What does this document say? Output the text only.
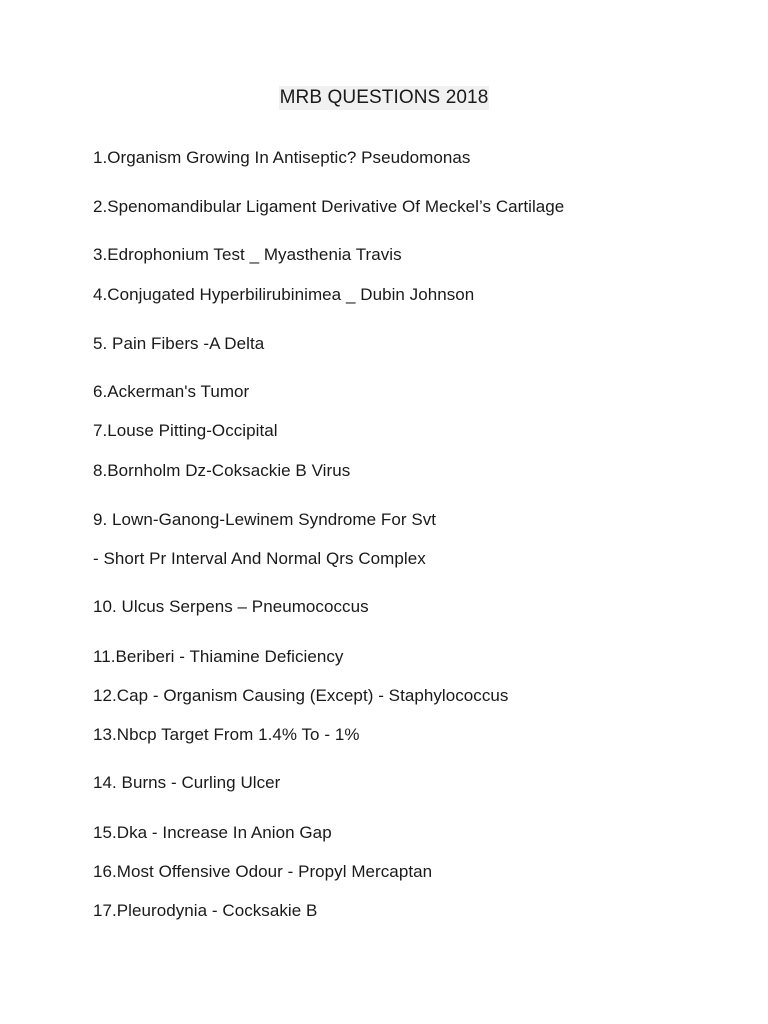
MRB QUESTIONS 2018
1.Organism Growing In Antiseptic? Pseudomonas
2.Spenomandibular Ligament Derivative Of Meckel’s Cartilage
3.Edrophonium Test _ Myasthenia Travis
4.Conjugated Hyperbilirubinimea _ Dubin Johnson
5. Pain Fibers -A Delta
6.Ackerman's Tumor
7.Louse Pitting-Occipital
8.Bornholm Dz-Coksackie B Virus
9. Lown-Ganong-Lewinem Syndrome For Svt
- Short Pr Interval And Normal Qrs Complex
10. Ulcus Serpens – Pneumococcus
11.Beriberi - Thiamine Deficiency
12.Cap - Organism Causing (Except) - Staphylococcus
13.Nbcp Target From 1.4% To - 1%
14. Burns - Curling Ulcer
15.Dka - Increase In Anion Gap
16.Most Offensive Odour - Propyl Mercaptan
17.Pleurodynia - Cocksakie B
